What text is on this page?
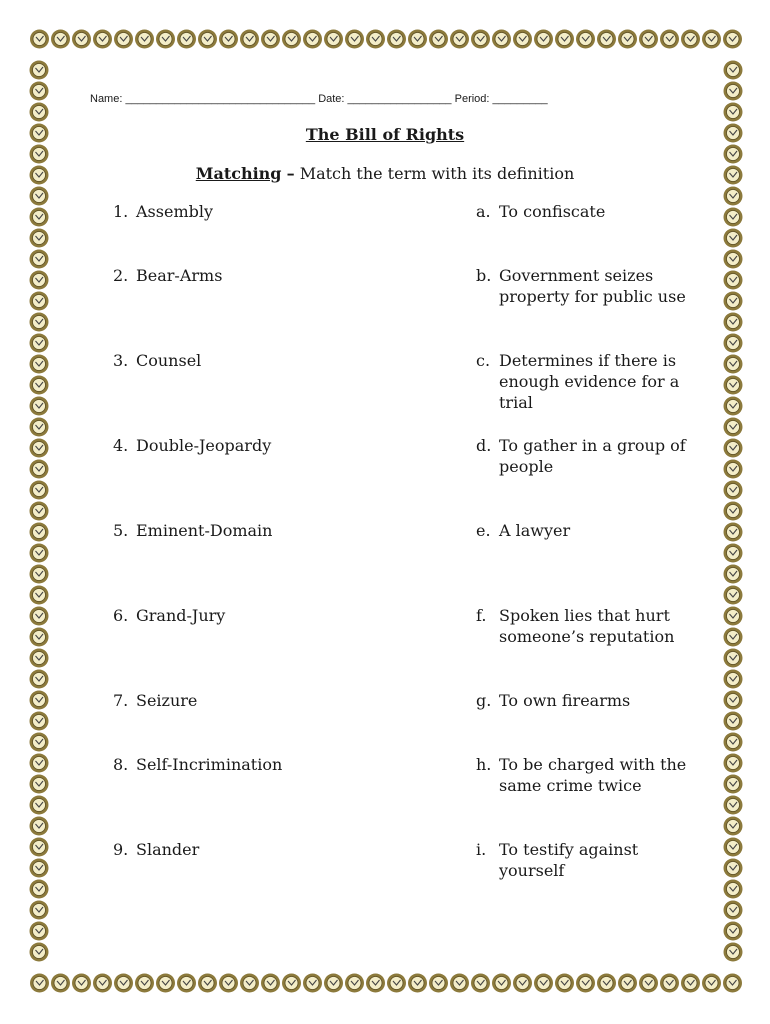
Name: _______________________________ Date: _________________ Period: _________
The Bill of Rights
Matching – Match the term with its definition
1. Assembly
2. Bear-Arms
3. Counsel
4. Double-Jeopardy
5. Eminent-Domain
6. Grand-Jury
7. Seizure
8. Self-Incrimination
9. Slander
a. To confiscate
b. Government seizes property for public use
c. Determines if there is enough evidence for a trial
d. To gather in a group of people
e. A lawyer
f. Spoken lies that hurt someone’s reputation
g. To own firearms
h. To be charged with the same crime twice
i. To testify against yourself
